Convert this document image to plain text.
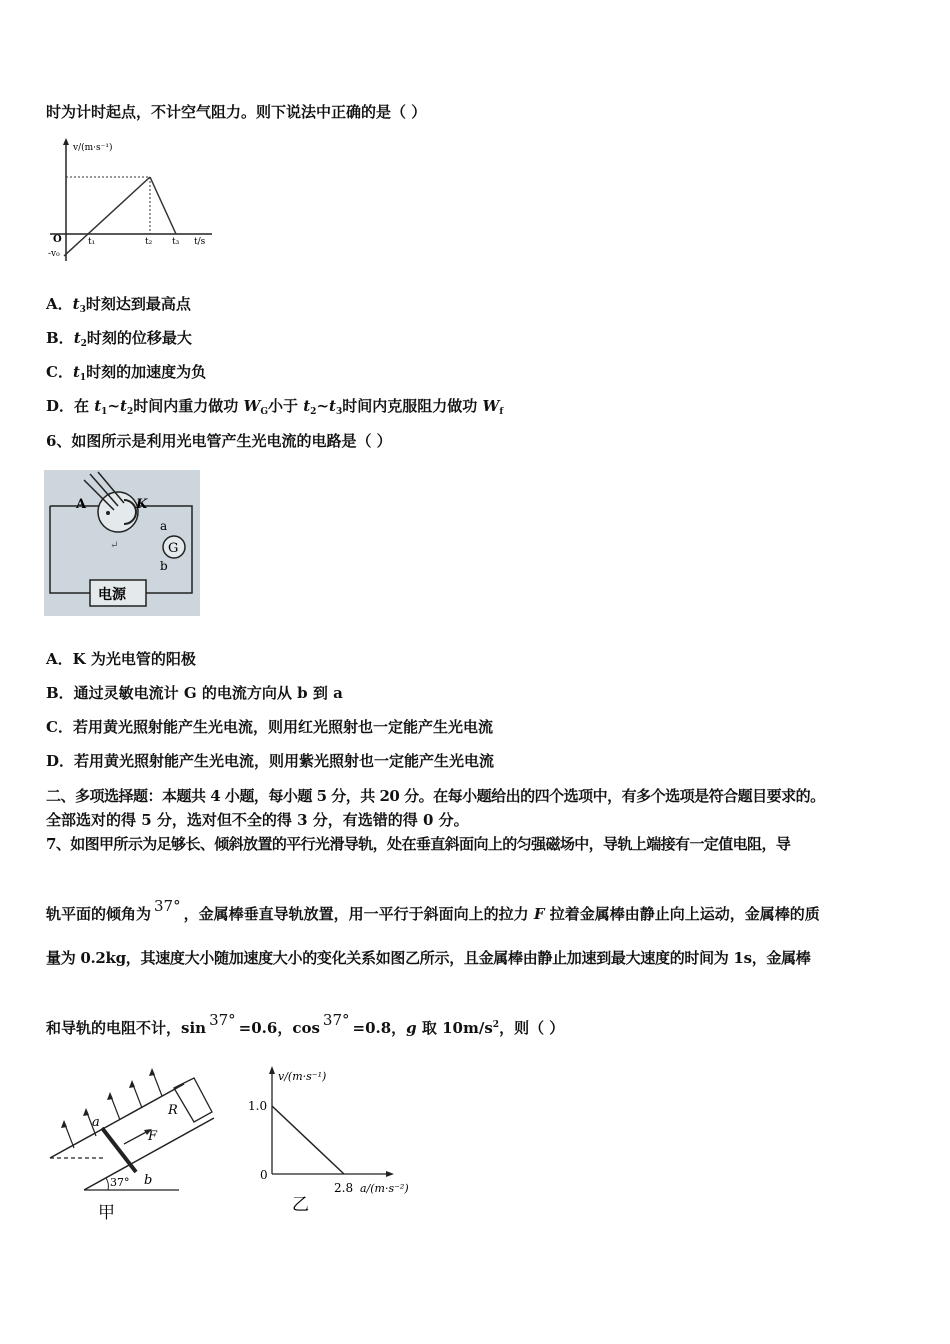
时为计时起点，不计空气阻力。则下说法中正确的是（ ）
v/(m·s⁻¹)
O
-v₀
t₁	t₂ t₃ t/s
A．$t_3$时刻达到最高点
B．$t_2$时刻的位移最大
C．$t_1$时刻的加速度为负
D．在 $t_1\sim t_2$时间内重力做功 $W_G$小于 $t_2\sim t_3$时间内克服阻力做功 $W_f$
6、如图所示是利用光电管产生光电流的电路是（ ）
A	K
G
a
b
↵
电源
A．K 为光电管的阳极
B．通过灵敏电流计 G 的电流方向从 b 到 a
C．若用黄光照射能产生光电流，则用红光照射也一定能产生光电流
D．若用黄光照射能产生光电流，则用紫光照射也一定能产生光电流
二、多项选择题：本题共 4 小题，每小题 5 分，共 20 分。在每小题给出的四个选项中，有多个选项是符合题目要求的。
全部选对的得 5 分，选对但不全的得 3 分，有选错的得 0 分。
7、如图甲所示为足够长、倾斜放置的平行光滑导轨，处在垂直斜面向上的匀强磁场中，导轨上端接有一定值电阻，导
轨平面的倾角为 37° ，金属棒垂直导轨放置，用一平行于斜面向上的拉力 F 拉着金属棒由静止向上运动，金属棒的质
量为 0.2kg，其速度大小随加速度大小的变化关系如图乙所示，且金属棒由静止加速到最大速度的时间为 1s，金属棒
和导轨的电阻不计，sin 37° =0.6，cos 37° =0.8，g 取 $10m/s^2$，则（ ）
R
a
b
F
37°
甲
v/(m·s⁻¹)
1.0
0
2.8 a/(m·s⁻²)
乙
